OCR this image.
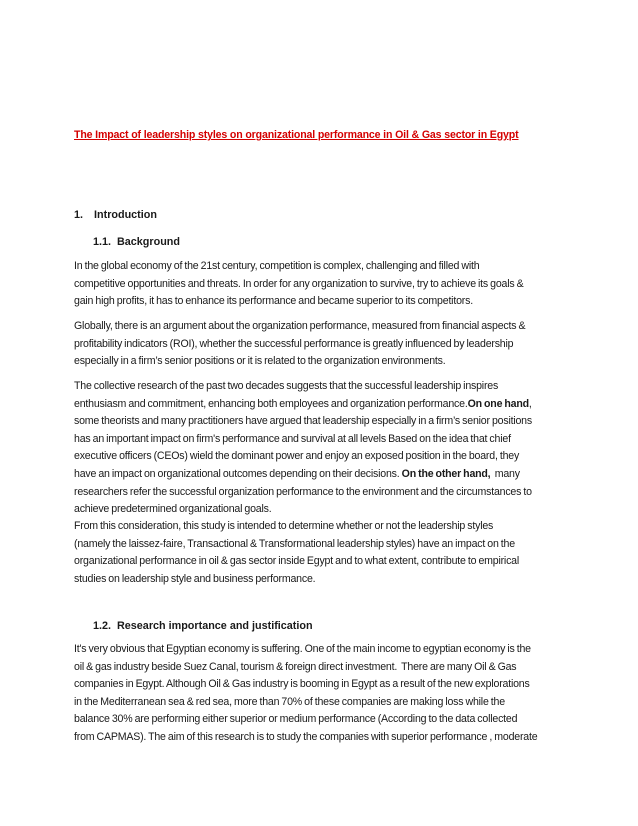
The Impact of leadership styles on organizational performance in Oil & Gas sector in Egypt
1. Introduction
1.1. Background
In the global economy of the 21st century, competition is complex, challenging and filled with
competitive opportunities and threats. In order for any organization to survive, try to achieve its goals &
gain high profits, it has to enhance its performance and became superior to its competitors.
Globally, there is an argument about the organization performance, measured from financial aspects &
profitability indicators (ROI), whether the successful performance is greatly influenced by leadership
especially in a firm’s senior positions or it is related to the organization environments.
The collective research of the past two decades suggests that the successful leadership inspires
enthusiasm and commitment, enhancing both employees and organization performance.On one hand,
some theorists and many practitioners have argued that leadership especially in a firm’s senior positions
has an important impact on firm's performance and survival at all levels Based on the idea that chief
executive officers (CEOs) wield the dominant power and enjoy an exposed position in the board, they
have an impact on organizational outcomes depending on their decisions. On the other hand,  many
researchers refer the successful organization performance to the environment and the circumstances to
achieve predetermined organizational goals.
From this consideration, this study is intended to determine whether or not the leadership styles
(namely the laissez-faire, Transactional & Transformational leadership styles) have an impact on the
organizational performance in oil & gas sector inside Egypt and to what extent, contribute to empirical
studies on leadership style and business performance.
1.2. Research importance and justification
It's very obvious that Egyptian economy is suffering. One of the main income to egyptian economy is the
oil & gas industry beside Suez Canal, tourism & foreign direct investment.  There are many Oil & Gas
companies in Egypt. Although Oil & Gas industry is booming in Egypt as a result of the new explorations
in the Mediterranean sea & red sea, more than 70% of these companies are making loss while the
balance 30% are performing either superior or medium performance (According to the data collected
from CAPMAS). The aim of this research is to study the companies with superior performance , moderate
